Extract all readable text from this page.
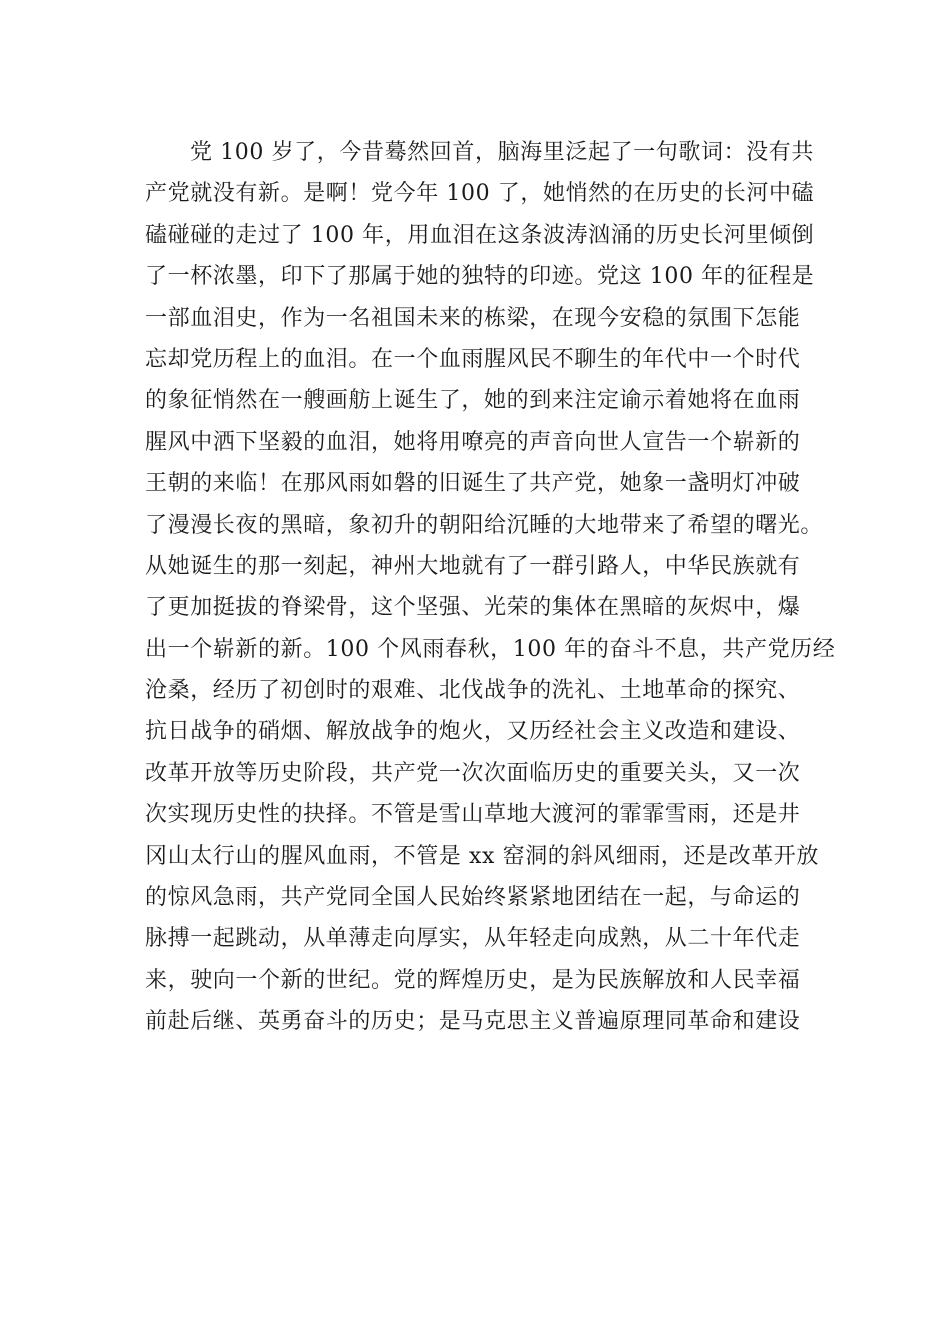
党 100 岁了，今昔蓦然回首，脑海里泛起了一句歌词：没有共
产党就没有新。是啊！党今年 100 了，她悄然的在历史的长河中磕
磕碰碰的走过了 100 年，用血泪在这条波涛汹涌的历史长河里倾倒
了一杯浓墨，印下了那属于她的独特的印迹。党这 100 年的征程是
一部血泪史，作为一名祖国未来的栋梁，在现今安稳的氛围下怎能
忘却党历程上的血泪。在一个血雨腥风民不聊生的年代中一个时代
的象征悄然在一艘画舫上诞生了，她的到来注定谕示着她将在血雨
腥风中洒下坚毅的血泪，她将用嘹亮的声音向世人宣告一个崭新的
王朝的来临！在那风雨如磐的旧诞生了共产党，她象一盏明灯冲破
了漫漫长夜的黑暗，象初升的朝阳给沉睡的大地带来了希望的曙光。
从她诞生的那一刻起，神州大地就有了一群引路人，中华民族就有
了更加挺拔的脊梁骨，这个坚强、光荣的集体在黑暗的灰烬中，爆
出一个崭新的新。100 个风雨春秋，100 年的奋斗不息，共产党历经
沧桑，经历了初创时的艰难、北伐战争的洗礼、土地革命的探究、
抗日战争的硝烟、解放战争的炮火，又历经社会主义改造和建设、
改革开放等历史阶段，共产党一次次面临历史的重要关头，又一次
次实现历史性的抉择。不管是雪山草地大渡河的霏霏雪雨，还是井
冈山太行山的腥风血雨，不管是 xx 窑洞的斜风细雨，还是改革开放
的惊风急雨，共产党同全国人民始终紧紧地团结在一起，与命运的
脉搏一起跳动，从单薄走向厚实，从年轻走向成熟，从二十年代走
来，驶向一个新的世纪。党的辉煌历史，是为民族解放和人民幸福
前赴后继、英勇奋斗的历史；是马克思主义普遍原理同革命和建设
